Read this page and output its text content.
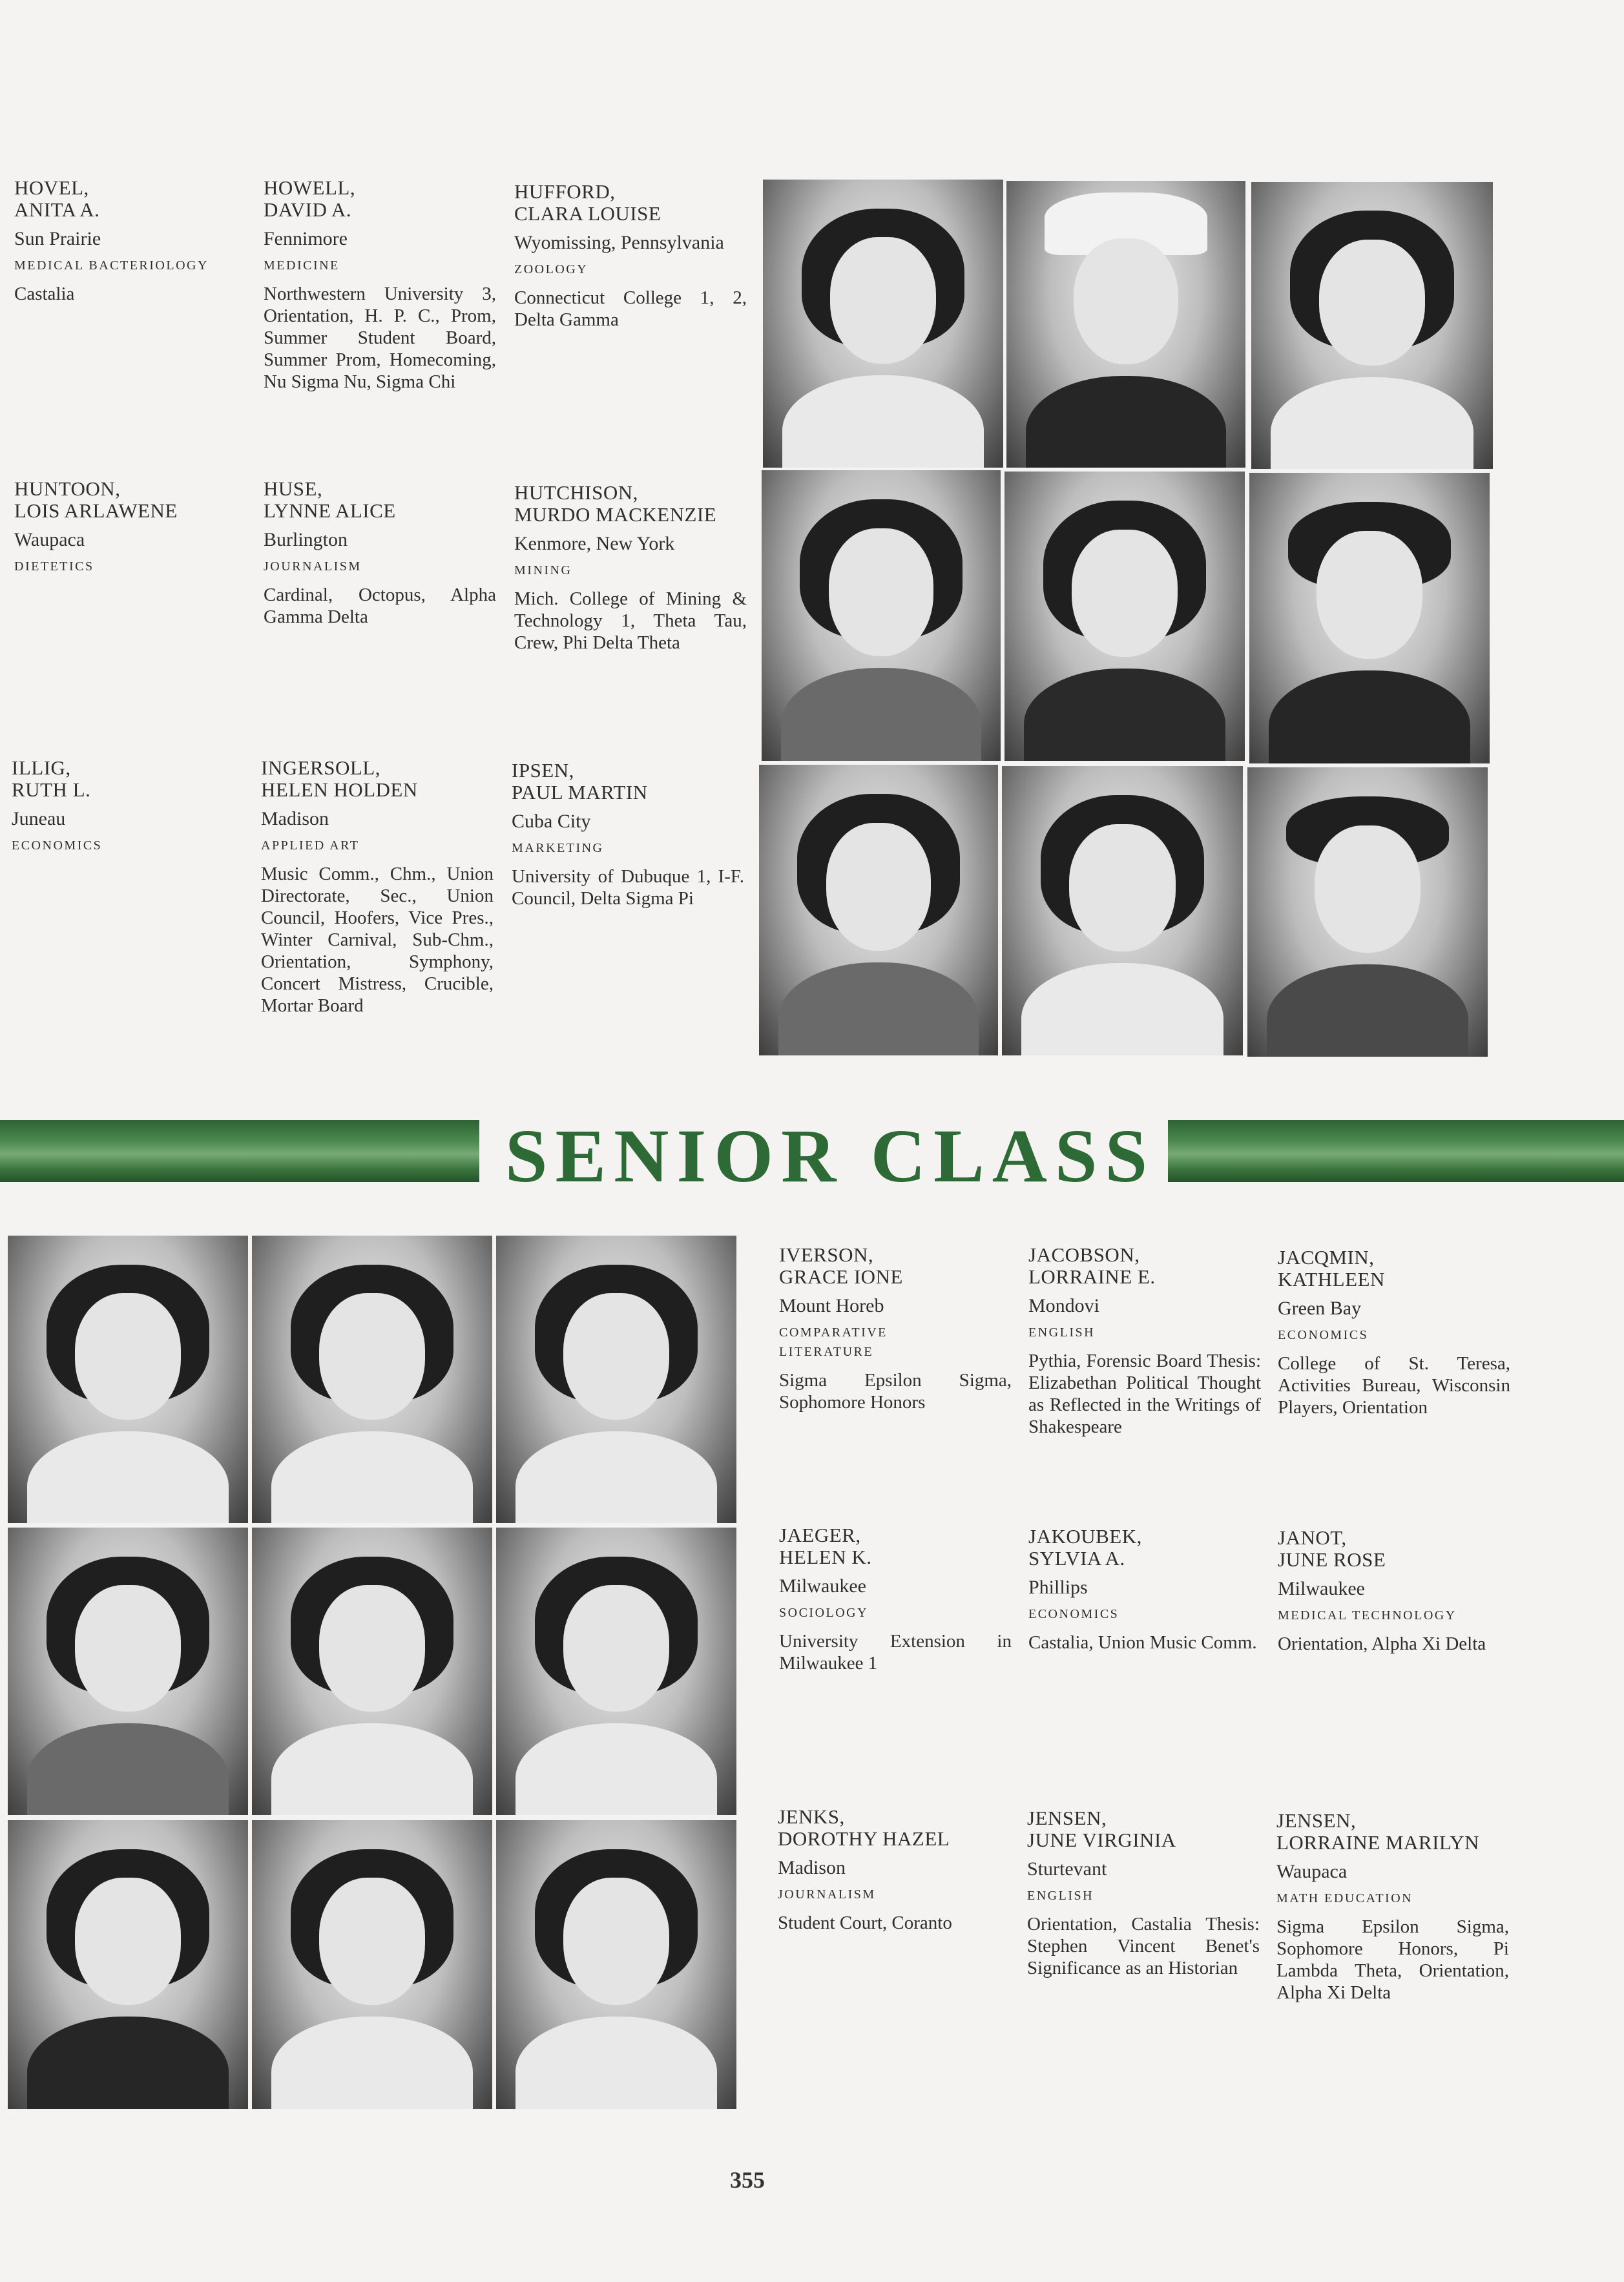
HOVEL,
ANITA A.
Sun Prairie
MEDICAL BACTERIOLOGY
Castalia
HOWELL,
DAVID A.
Fennimore
MEDICINE
Northwestern University 3, Orientation, H. P. C., Prom, Summer Student Board, Summer Prom, Homecoming, Nu Sigma Nu, Sigma Chi
HUFFORD,
CLARA LOUISE
Wyomissing, Pennsylvania
ZOOLOGY
Connecticut College 1, 2, Delta Gamma
HUNTOON,
LOIS ARLAWENE
Waupaca
DIETETICS
HUSE,
LYNNE ALICE
Burlington
JOURNALISM
Cardinal, Octopus, Alpha Gamma Delta
HUTCHISON,
MURDO MACKENZIE
Kenmore, New York
MINING
Mich. College of Mining & Technology 1, Theta Tau, Crew, Phi Delta Theta
ILLIG,
RUTH L.
Juneau
ECONOMICS
INGERSOLL,
HELEN HOLDEN
Madison
APPLIED ART
Music Comm., Chm., Union Directorate, Sec., Union Council, Hoofers, Vice Pres., Winter Carnival, Sub-Chm., Orientation, Symphony, Concert Mistress, Crucible, Mortar Board
IPSEN,
PAUL MARTIN
Cuba City
MARKETING
University of Dubuque 1, I-F. Council, Delta Sigma Pi
SENIOR CLASS
IVERSON,
GRACE IONE
Mount Horeb
COMPARATIVE
LITERATURE
Sigma Epsilon Sigma, Sophomore Honors
JACOBSON,
LORRAINE E.
Mondovi
ENGLISH
Pythia, Forensic Board Thesis: Elizabethan Political Thought as Reflected in the Writings of Shakespeare
JACQMIN,
KATHLEEN
Green Bay
ECONOMICS
College of St. Teresa, Activities Bureau, Wisconsin Players, Orientation
JAEGER,
HELEN K.
Milwaukee
SOCIOLOGY
University Extension in Milwaukee 1
JAKOUBEK,
SYLVIA A.
Phillips
ECONOMICS
Castalia, Union Music Comm.
JANOT,
JUNE ROSE
Milwaukee
MEDICAL TECHNOLOGY
Orientation, Alpha Xi Delta
JENKS,
DOROTHY HAZEL
Madison
JOURNALISM
Student Court, Coranto
JENSEN,
JUNE VIRGINIA
Sturtevant
ENGLISH
Orientation, Castalia Thesis: Stephen Vincent Benet's Significance as an Historian
JENSEN,
LORRAINE MARILYN
Waupaca
MATH EDUCATION
Sigma Epsilon Sigma, Sophomore Honors, Pi Lambda Theta, Orientation, Alpha Xi Delta
355
